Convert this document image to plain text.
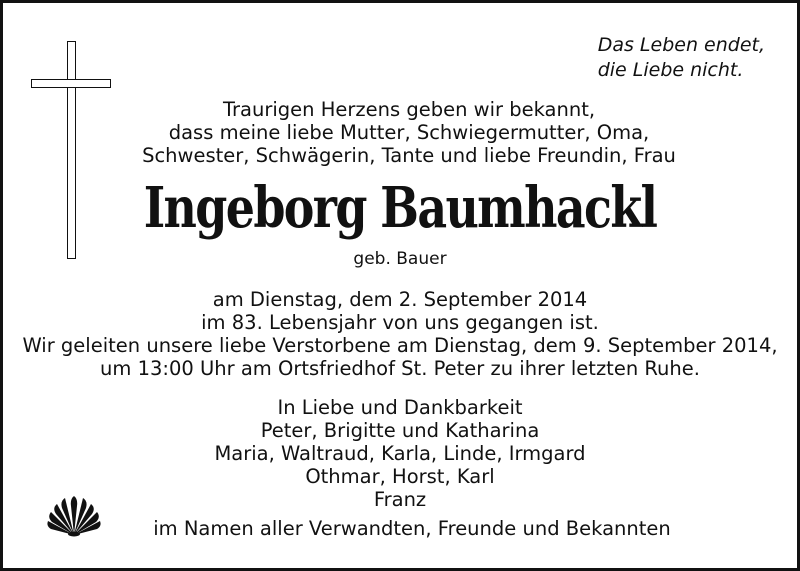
Das Leben endet,
die Liebe nicht.
Traurigen Herzens geben wir bekannt,
dass meine liebe Mutter, Schwiegermutter, Oma,
Schwester, Schwägerin, Tante und liebe Freundin, Frau
Ingeborg Baumhackl
geb. Bauer
am Dienstag, dem 2. September 2014
im 83. Lebensjahr von uns gegangen ist.
Wir geleiten unsere liebe Verstorbene am Dienstag, dem 9. September 2014,
um 13:00 Uhr am Ortsfriedhof St. Peter zu ihrer letzten Ruhe.
In Liebe und Dankbarkeit
Peter, Brigitte und Katharina
Maria, Waltraud, Karla, Linde, Irmgard
Othmar, Horst, Karl
Franz
im Namen aller Verwandten, Freunde und Bekannten
